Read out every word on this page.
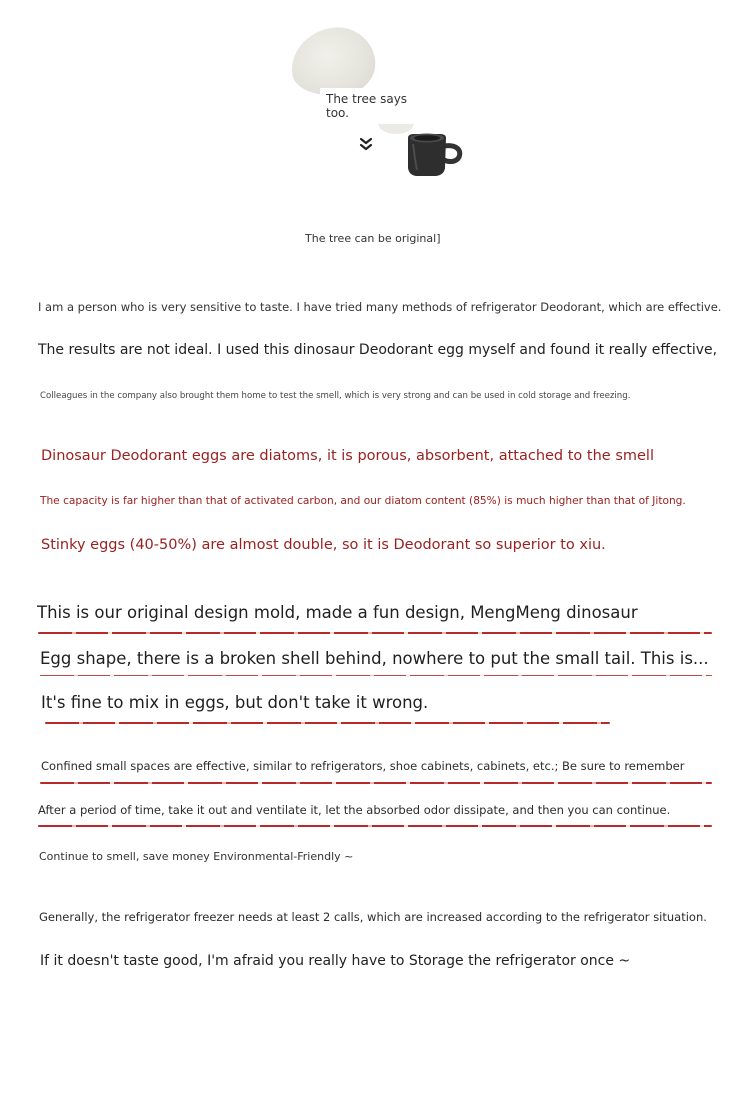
The tree says too.
The tree can be original]
I am a person who is very sensitive to taste. I have tried many methods of refrigerator Deodorant, which are effective.
The results are not ideal. I used this dinosaur Deodorant egg myself and found it really effective,
Colleagues in the company also brought them home to test the smell, which is very strong and can be used in cold storage and freezing.
Dinosaur Deodorant eggs are diatoms, it is porous, absorbent, attached to the smell
The capacity is far higher than that of activated carbon, and our diatom content (85%) is much higher than that of Jitong.
Stinky eggs (40-50%) are almost double, so it is Deodorant so superior to xiu.
This is our original design mold, made a fun design, MengMeng dinosaur
Egg shape, there is a broken shell behind, nowhere to put the small tail. This is...
It's fine to mix in eggs, but don't take it wrong.
Confined small spaces are effective, similar to refrigerators, shoe cabinets, cabinets, etc.; Be sure to remember
After a period of time, take it out and ventilate it, let the absorbed odor dissipate, and then you can continue.
Continue to smell, save money Environmental-Friendly ~
Generally, the refrigerator freezer needs at least 2 calls, which are increased according to the refrigerator situation.
If it doesn't taste good, I'm afraid you really have to Storage the refrigerator once ~
